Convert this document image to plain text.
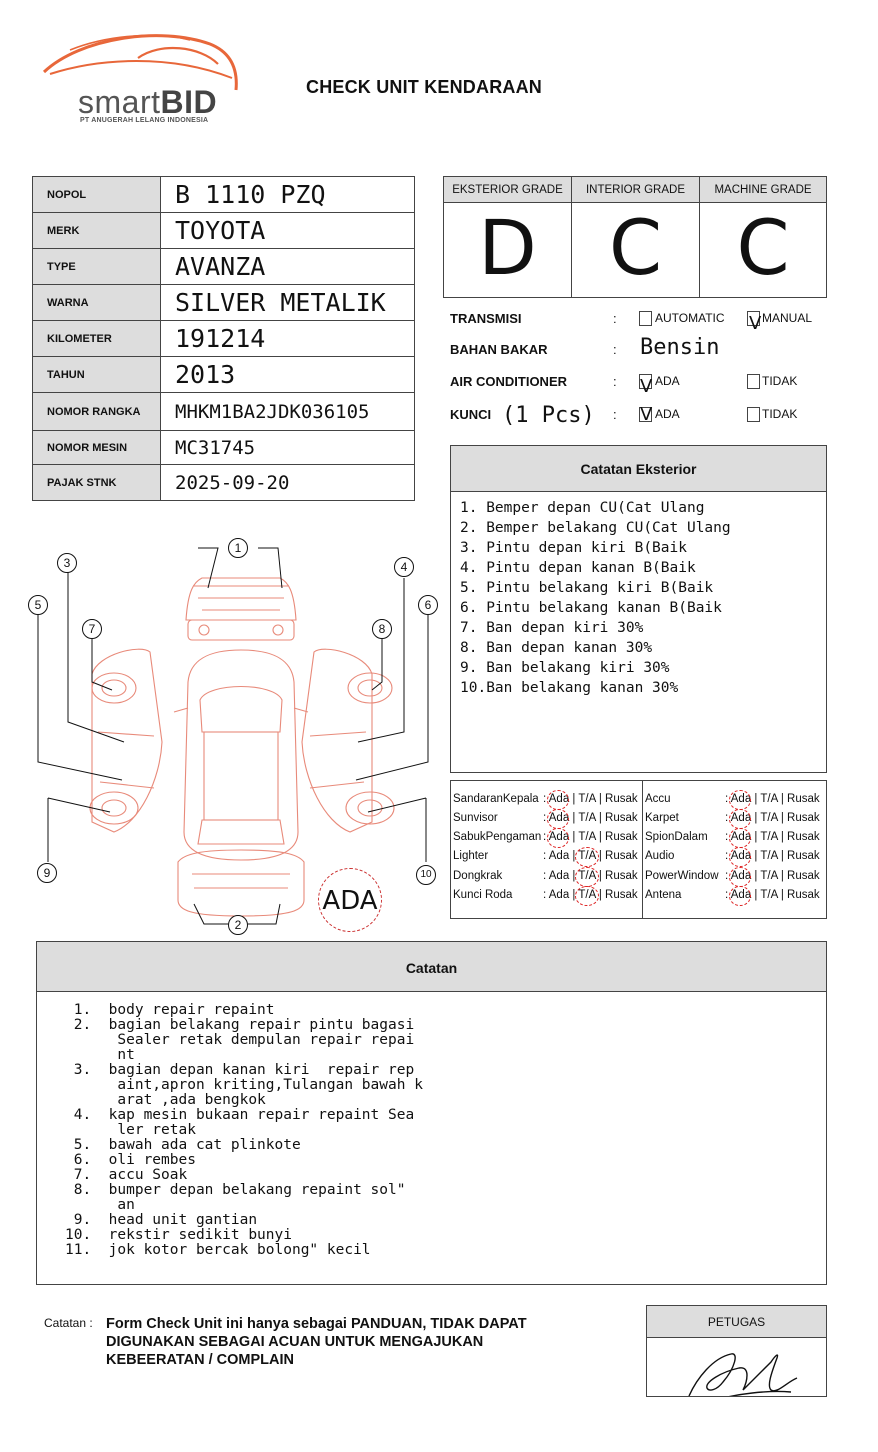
smartBID
PT ANUGERAH LELANG INDONESIA
CHECK UNIT KENDARAAN
NOPOL	B 1110 PZQ
MERK	TOYOTA
TYPE	AVANZA
WARNA	SILVER METALIK
KILOMETER	191214
TAHUN	2013
NOMOR RANGKA	MHKM1BA2JDK036105
NOMOR MESIN	MC31745
PAJAK STNK	2025-09-20
EKSTERIOR GRADE
D
INTERIOR GRADE
C
MACHINE GRADE
C
TRANSMISI	:	AUTOMATIC V MANUAL
BAHAN BAKAR	: Bensin
AIR CONDITIONER	: V ADA	TIDAK
KUNCI (1 Pcs) : V ADA	TIDAK
Catatan Eksterior
1. Bemper depan CU(Cat Ulang
2. Bemper belakang CU(Cat Ulang
3. Pintu depan kiri B(Baik
4. Pintu depan kanan B(Baik
5. Pintu belakang kiri B(Baik
6. Pintu belakang kanan B(Baik
7. Ban depan kiri 30%
8. Ban depan kanan 30%
9. Ban belakang kiri 30%
10.Ban belakang kanan 30%
SandaranKepala : Ada | T/A | Rusak
Sunvisor	: Ada | T/A | Rusak
SabukPengaman : Ada | T/A | Rusak
Lighter	: Ada | T/A | Rusak
Dongkrak	: Ada | T/A | Rusak
Kunci Roda	: Ada | T/A | Rusak
Accu	: Ada | T/A | Rusak
Karpet	: Ada | T/A | Rusak
SpionDalam : Ada | T/A | Rusak
Audio	: Ada | T/A | Rusak
PowerWindow : Ada | T/A | Rusak
Antena	: Ada | T/A | Rusak
ADA
1
2
3	4
5	6
7	8
9	10
Catatan
1.  body repair repaint
2.  bagian belakang repair pintu bagasi
Sealer retak dempulan repair repai
nt
3.  bagian depan kanan kiri  repair rep
aint,apron kriting,Tulangan bawah k
arat ,ada bengkok
4.  kap mesin bukaan repair repaint Sea
ler retak
5.  bawah ada cat plinkote
6.  oli rembes
7.  accu Soak
8.  bumper depan belakang repaint sol"
an
9.  head unit gantian
10.  rekstir sedikit bunyi
11.  jok kotor bercak bolong" kecil
Catatan : Form Check Unit ini hanya sebagai PANDUAN, TIDAK DAPAT DIGUNAKAN SEBAGAI ACUAN UNTUK MENGAJUKAN KEBEERATAN / COMPLAIN
PETUGAS
